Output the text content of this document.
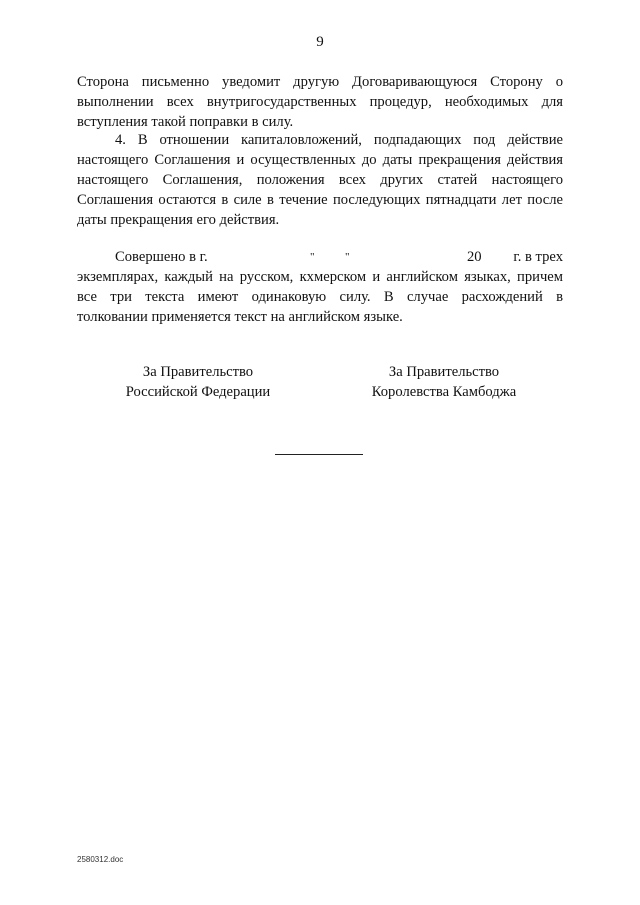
9
Сторона письменно уведомит другую Договаривающуюся Сторону о
выполнении всех внутригосударственных процедур, необходимых для
вступления такой поправки в силу.
4. В отношении капиталовложений, подпадающих под действие
настоящего Соглашения и осуществленных до даты прекращения действия
настоящего Соглашения, положения всех других статей настоящего
Соглашения остаются в силе в течение последующих пятнадцати лет после
даты прекращения его действия.
Совершено в г.	"	"	20 г. в трех
экземплярах, каждый на русском, кхмерском и английском языках, причем
все три текста имеют одинаковую силу. В случае расхождений в
толковании применяется текст на английском языке.
За Правительство
Российской Федерации
За Правительство
Королевства Камбоджа
2580312.doc
